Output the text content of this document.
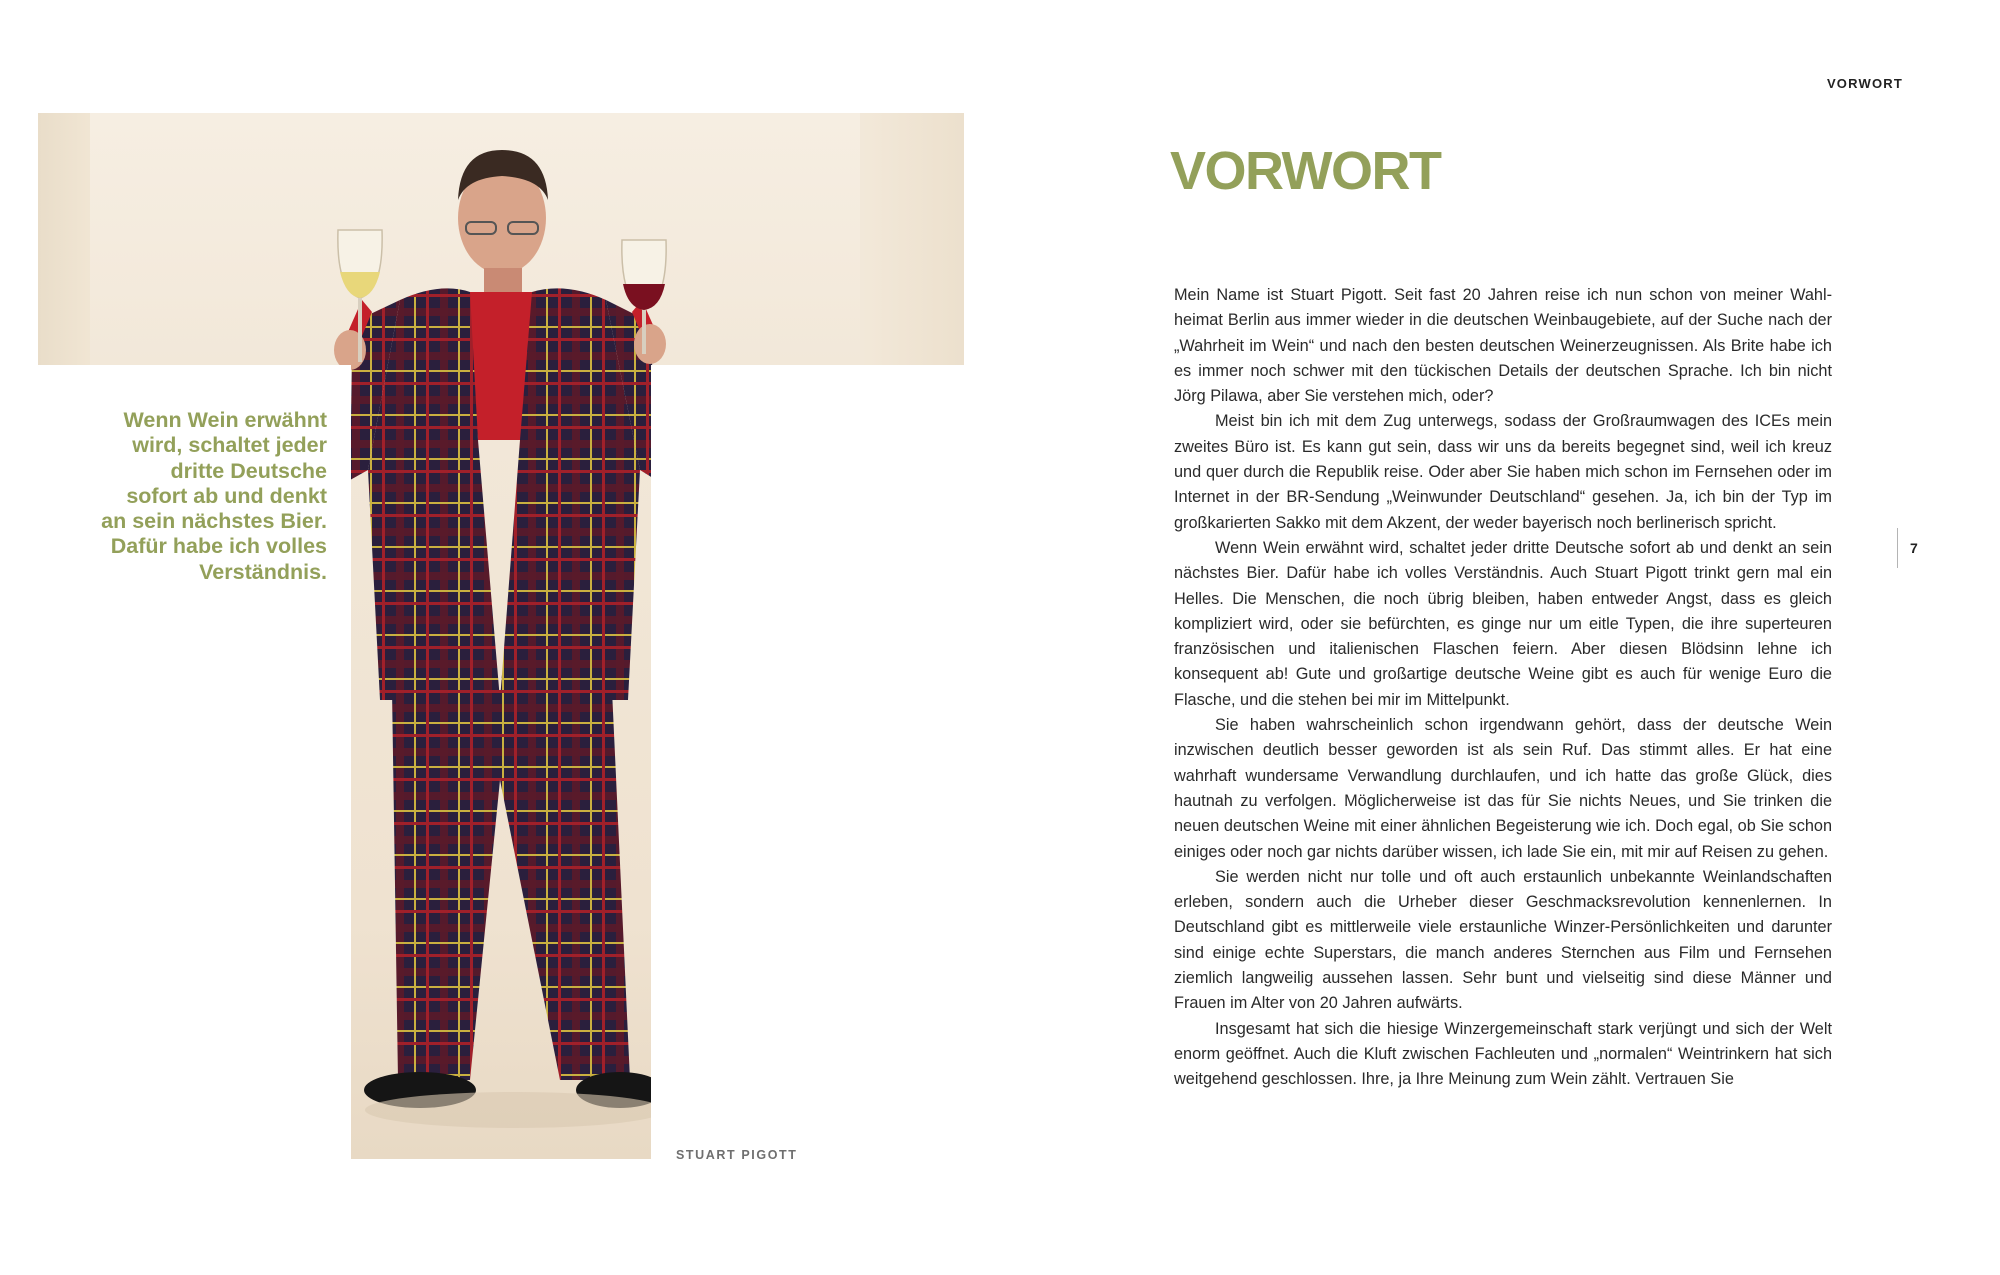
Wenn Wein erwähnt
wird, schaltet jeder
dritte Deutsche
sofort ab und denkt
an sein nächstes Bier.
Dafür habe ich volles
Verständnis.
STUART PIGOTT
VORWORT
VORWORT

Mein Name ist Stuart Pigott. Seit fast 20 Jahren reise ich nun schon von meiner Wahlheimat Berlin aus immer wieder in die deutschen Weinbaugebiete, auf der Suche nach der „Wahrheit im Wein“ und nach den besten deutschen Weinerzeugnissen. Als Brite habe ich es immer noch schwer mit den tückischen Details der deutschen Sprache. Ich bin nicht Jörg Pilawa, aber Sie verstehen mich, oder?

Meist bin ich mit dem Zug unterwegs, sodass der Großraumwagen des ICEs mein zweites Büro ist. Es kann gut sein, dass wir uns da bereits begegnet sind, weil ich kreuz und quer durch die Republik reise. Oder aber Sie haben mich schon im Fernsehen oder im Internet in der BR-Sendung „Weinwunder Deutschland“ gesehen. Ja, ich bin der Typ im großkarierten Sakko mit dem Akzent, der weder bayerisch noch berlinerisch spricht.

Wenn Wein erwähnt wird, schaltet jeder dritte Deutsche sofort ab und denkt an sein nächstes Bier. Dafür habe ich volles Verständnis. Auch Stuart Pigott trinkt gern mal ein Helles. Die Menschen, die noch übrig bleiben, haben entweder Angst, dass es gleich kompliziert wird, oder sie befürchten, es ginge nur um eitle Typen, die ihre superteuren französischen und italienischen Flaschen feiern. Aber diesen Blödsinn lehne ich konsequent ab! Gute und großartige deutsche Weine gibt es auch für wenige Euro die Flasche, und die stehen bei mir im Mittelpunkt.

Sie haben wahrscheinlich schon irgendwann gehört, dass der deutsche Wein inzwischen deutlich besser geworden ist als sein Ruf. Das stimmt alles. Er hat eine wahrhaft wundersame Verwandlung durchlaufen, und ich hatte das große Glück, dies hautnah zu verfolgen. Möglicherweise ist das für Sie nichts Neues, und Sie trinken die neuen deutschen Weine mit einer ähnlichen Begeisterung wie ich. Doch egal, ob Sie schon einiges oder noch gar nichts darüber wissen, ich lade Sie ein, mit mir auf Reisen zu gehen.

Sie werden nicht nur tolle und oft auch erstaunlich unbekannte Weinlandschaften erleben, sondern auch die Urheber dieser Geschmacksrevolution kennenlernen. In Deutschland gibt es mittlerweile viele erstaunliche Winzer-Persönlichkeiten und darunter sind einige echte Superstars, die manch anderes Sternchen aus Film und Fernsehen ziemlich langweilig aussehen lassen. Sehr bunt und vielseitig sind diese Männer und Frauen im Alter von 20 Jahren aufwärts.

Insgesamt hat sich die hiesige Winzergemeinschaft stark verjüngt und sich der Welt enorm geöffnet. Auch die Kluft zwischen Fachleuten und „normalen“ Weintrinkern hat sich weitgehend geschlossen. Ihre, ja Ihre Meinung zum Wein zählt. Vertrauen Sie

7
